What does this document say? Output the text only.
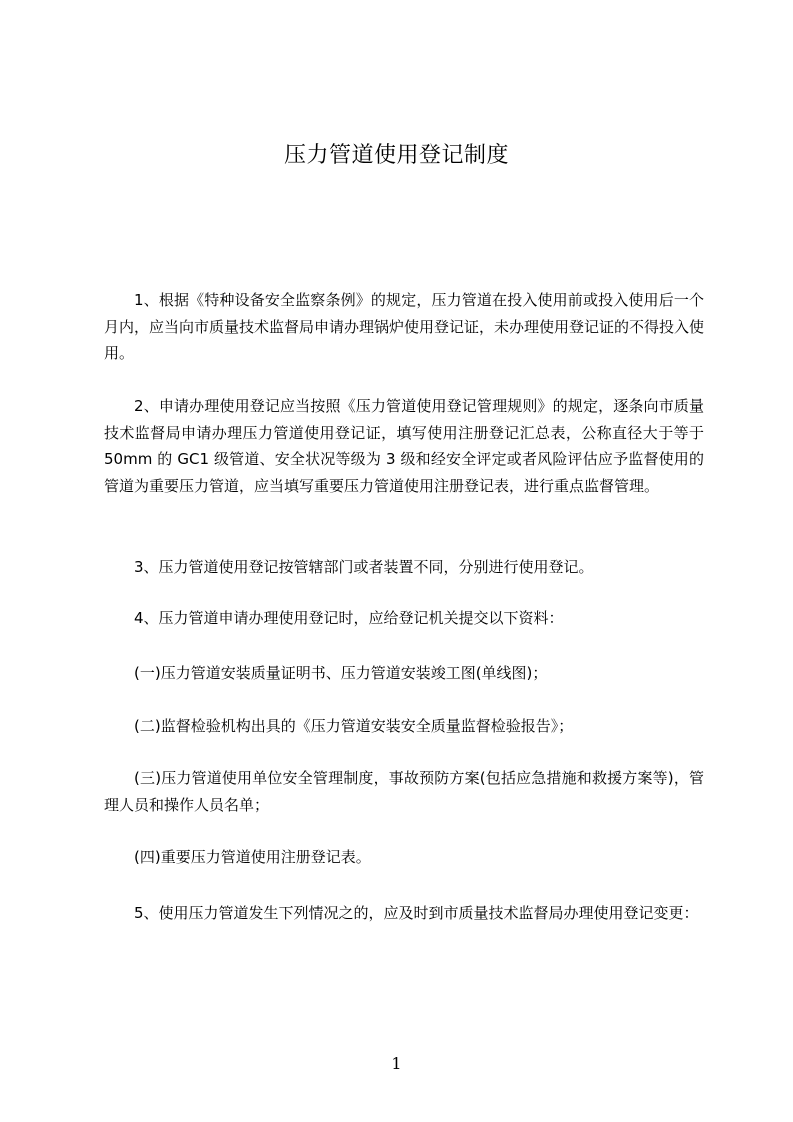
压力管道使用登记制度

1、根据《特种设备安全监察条例》的规定，压力管道在投入使用前或投入使用后一个月内，应当向市质量技术监督局申请办理锅炉使用登记证，未办理使用登记证的不得投入使用。

2、申请办理使用登记应当按照《压力管道使用登记管理规则》的规定，逐条向市质量技术监督局申请办理压力管道使用登记证，填写使用注册登记汇总表，公称直径大于等于 50mm 的 GC1 级管道、安全状况等级为 3 级和经安全评定或者风险评估应予监督使用的管道为重要压力管道，应当填写重要压力管道使用注册登记表，进行重点监督管理。

3、压力管道使用登记按管辖部门或者装置不同，分别进行使用登记。

4、压力管道申请办理使用登记时，应给登记机关提交以下资料：

(一)压力管道安装质量证明书、压力管道安装竣工图(单线图)；

(二)监督检验机构出具的《压力管道安装安全质量监督检验报告》；

(三)压力管道使用单位安全管理制度，事故预防方案(包括应急措施和救援方案等)，管理人员和操作人员名单；

(四)重要压力管道使用注册登记表。

5、使用压力管道发生下列情况之的，应及时到市质量技术监督局办理使用登记变更：

1
